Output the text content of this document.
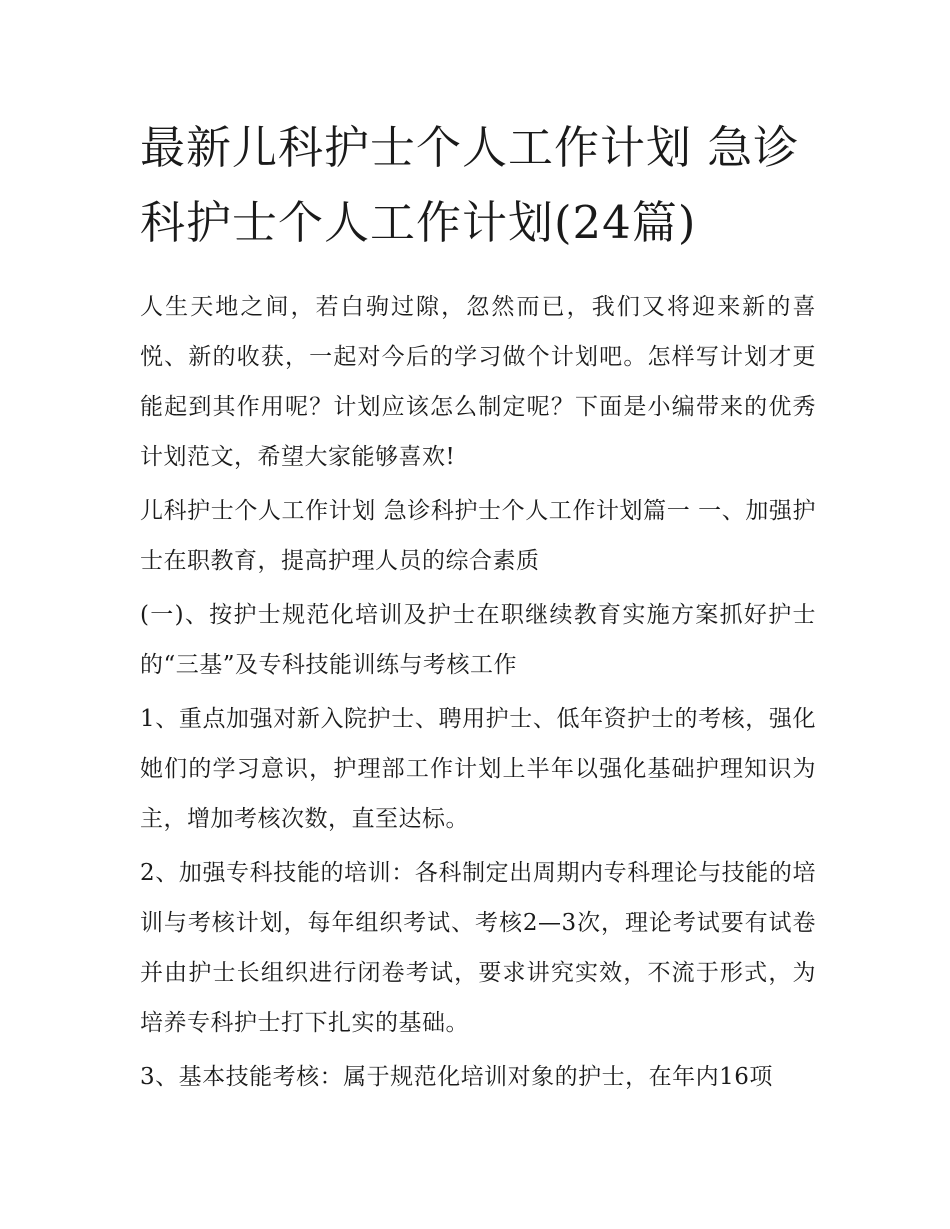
最新儿科护士个人工作计划 急诊科护士个人工作计划(24篇)

人生天地之间，若白驹过隙，忽然而已，我们又将迎来新的喜悦、新的收获，一起对今后的学习做个计划吧。怎样写计划才更能起到其作用呢？计划应该怎么制定呢？下面是小编带来的优秀计划范文，希望大家能够喜欢!

儿科护士个人工作计划 急诊科护士个人工作计划篇一 一、加强护士在职教育，提高护理人员的综合素质

(一)、按护士规范化培训及护士在职继续教育实施方案抓好护士的“三基”及专科技能训练与考核工作

1、重点加强对新入院护士、聘用护士、低年资护士的考核，强化她们的学习意识，护理部工作计划上半年以强化基础护理知识为主，增加考核次数，直至达标。

2、加强专科技能的培训：各科制定出周期内专科理论与技能的培训与考核计划，每年组织考试、考核2—3次，理论考试要有试卷并由护士长组织进行闭卷考试，要求讲究实效，不流于形式，为培养专科护士打下扎实的基础。

3、基本技能考核：属于规范化培训对象的护士，在年内16项
